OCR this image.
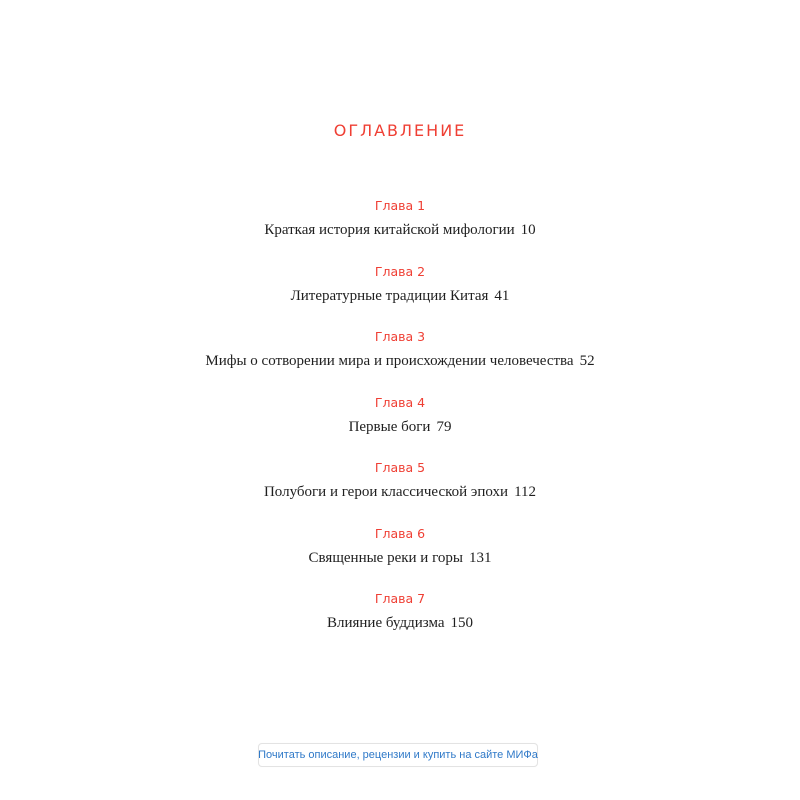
ОГЛАВЛЕНИЕ
Глава 1
Краткая история китайской мифологии 10
Глава 2
Литературные традиции Китая 41
Глава 3
Мифы о сотворении мира и происхождении человечества 52
Глава 4
Первые боги 79
Глава 5
Полубоги и герои классической эпохи 112
Глава 6
Священные реки и горы 131
Глава 7
Влияние буддизма 150
Почитать описание, рецензии и купить на сайте МИФа
